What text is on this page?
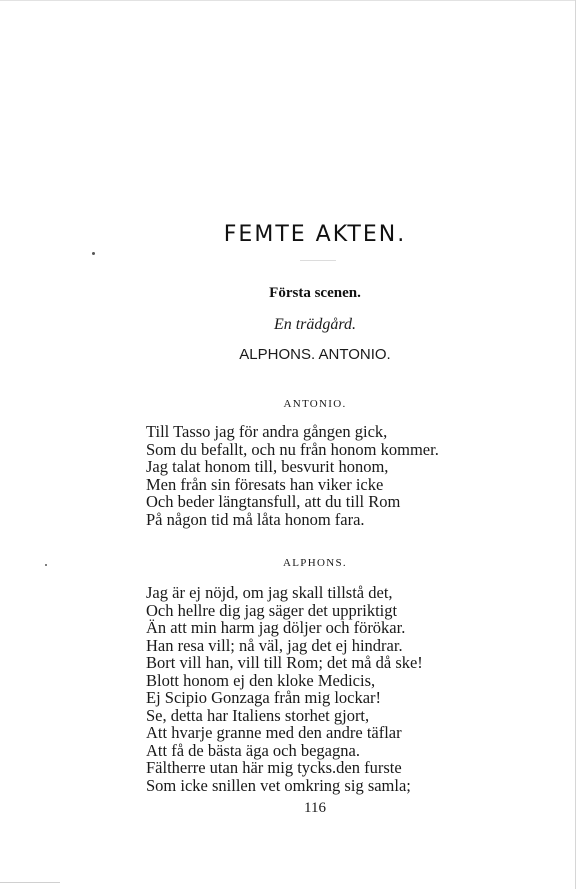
FEMTE AKTEN.
Första scenen.
En trädgård.
ALPHONS. ANTONIO.
ANTONIO.
Till Tasso jag för andra gången gick,
Som du befallt, och nu från honom kommer.
Jag talat honom till, besvurit honom,
Men från sin föresats han viker icke
Och beder längtansfull, att du till Rom
På någon tid må låta honom fara.
ALPHONS.
Jag är ej nöjd, om jag skall tillstå det,
Och hellre dig jag säger det uppriktigt
Än att min harm jag döljer och förökar.
Han resa vill; nå väl, jag det ej hindrar.
Bort vill han, vill till Rom; det må då ske!
Blott honom ej den kloke Medicis,
Ej Scipio Gonzaga från mig lockar!
Se, detta har Italiens storhet gjort,
Att hvarje granne med den andre täflar
Att få de bästa äga och begagna.
Fältherre utan här mig tycks.den furste
Som icke snillen vet omkring sig samla;
116
